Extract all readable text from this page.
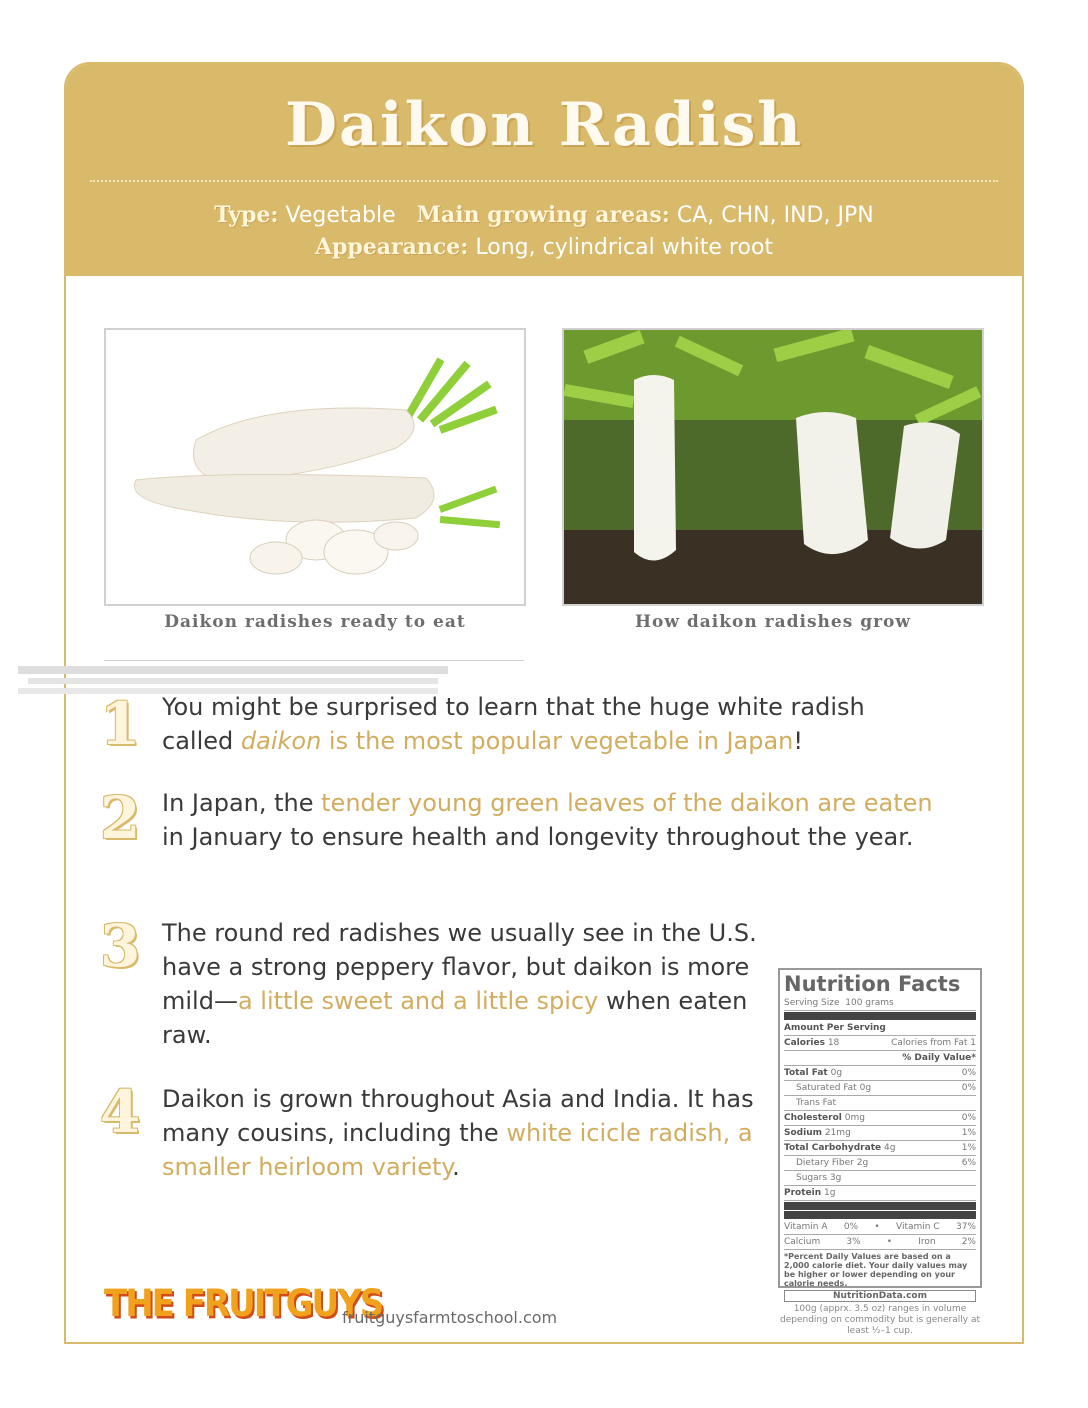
Daikon Radish
Type: Vegetable Main growing areas: CA, CHN, IND, JPN
Appearance: Long, cylindrical white root
Daikon radishes ready to eat	How daikon radishes grow
1 You might be surprised to learn that the huge white radish called daikon is the most popular vegetable in Japan!
2 In Japan, the tender young green leaves of the daikon are eaten in January to ensure health and longevity throughout the year.
3 The round red radishes we usually see in the U.S. have a strong peppery flavor, but daikon is more mild—a little sweet and a little spicy when eaten raw.
4 Daikon is grown throughout Asia and India. It has many cousins, including the white icicle radish, a smaller heirloom variety.
Nutrition Facts
Serving Size 100 grams
Amount Per Serving
Calories 18	Calories from Fat 1
% Daily Value*
Total Fat 0g	0%
Saturated Fat 0g	0%
Trans Fat
Cholesterol 0mg	0%
Sodium 21mg	1%
Total Carbohydrate 4g	1%
Dietary Fiber 2g	6%
Sugars 3g
Protein 1g
Vitamin A 0% • Vitamin C 37%
Calcium	3%	•	Iron	2%
*Percent Daily Values are based on a 2,000 calorie diet. Your daily values may be higher or lower depending on your calorie needs.
NutritionData.com
100g (apprx. 3.5 oz) ranges in volume depending on commodity but is generally at least ½–1 cup.
THE FRUITGUYS
fruitguysfarmtoschool.com
